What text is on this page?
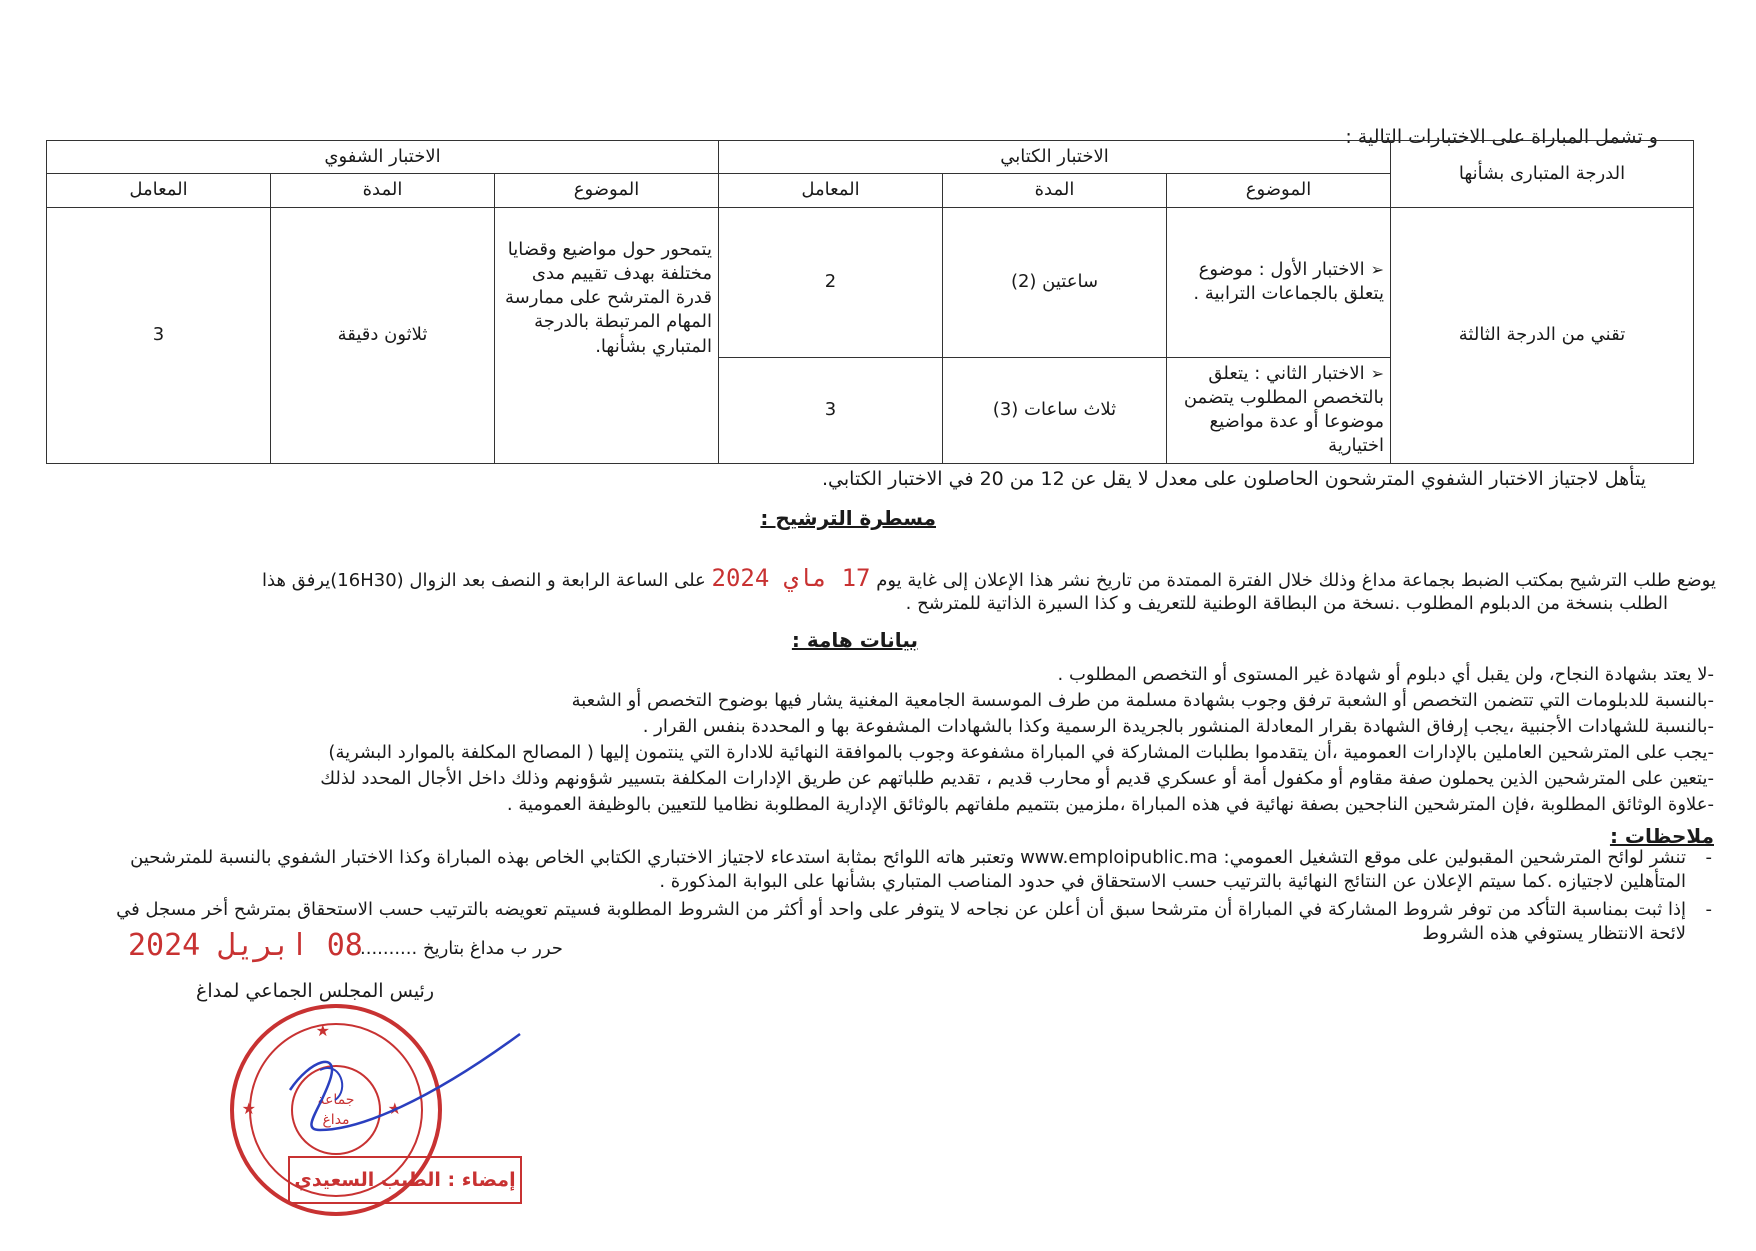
و تشمل المباراة على الاختبارات التالية :
الدرجة المتبارى بشأنها	الاختبار الكتابي			الاختبار الشفوي		
	الموضوع	المدة	المعامل	الموضوع	المدة	المعامل
تقني من الدرجة الثالثة	➢الاختبار الأول : موضوع يتعلق بالجماعات الترابية .	ساعتين (2)	2	يتمحور حول مواضيع وقضايا مختلفة بهدف تقييم مدى قدرة المترشح على ممارسة المهام المرتبطة بالدرجة المتباري بشأنها.	ثلاثون دقيقة	3
	➢الاختبار الثاني : يتعلق بالتخصص المطلوب يتضمن موضوعا أو عدة مواضيع اختيارية	ثلاث ساعات (3)	3			
يتأهل لاجتياز الاختبار الشفوي المترشحون الحاصلون على معدل لا يقل عن 12 من 20 في الاختبار الكتابي.
مسطرة الترشيح :
يوضع طلب الترشيح بمكتب الضبط بجماعة مداغ وذلك خلال الفترة الممتدة من تاريخ نشر هذا الإعلان إلى غاية يوم 17 ماي 2024 على الساعة الرابعة و النصف بعد الزوال (16H30)يرفق هذا
الطلب بنسخة من الدبلوم المطلوب .نسخة من البطاقة الوطنية للتعريف و كذا السيرة الذاتية للمترشح .
بيانات هامة :
-لا يعتد بشهادة النجاح، ولن يقبل أي دبلوم أو شهادة غير المستوى أو التخصص المطلوب .
-بالنسبة للدبلومات التي تتضمن التخصص أو الشعبة ترفق وجوب بشهادة مسلمة من طرف الموسسة الجامعية المغنية يشار فيها بوضوح التخصص أو الشعبة
-بالنسبة للشهادات الأجنبية ،يجب إرفاق الشهادة بقرار المعادلة المنشور بالجريدة الرسمية وكذا بالشهادات المشفوعة بها و المحددة بنفس القرار .
-يجب على المترشحين العاملين بالإدارات العمومية ،أن يتقدموا بطلبات المشاركة في المباراة مشفوعة وجوب بالموافقة النهائية للادارة التي ينتمون إليها ( المصالح المكلفة بالموارد البشرية)
-يتعين على المترشحين الذين يحملون صفة مقاوم أو مكفول أمة أو عسكري قديم أو محارب قديم ، تقديم طلباتهم عن طريق الإدارات المكلفة بتسيير شؤونهم وذلك داخل الأجال المحدد لذلك
-علاوة الوثائق المطلوبة ،فإن المترشحين الناجحين بصفة نهائية في هذه المباراة ،ملزمين بتتميم ملفاتهم بالوثائق الإدارية المطلوبة نظاميا للتعيين بالوظيفة العمومية .
ملاحظات :
-
تنشر لوائح المترشحين المقبولين على موقع التشغيل العمومي: www.emploipublic.ma وتعتبر هاته اللوائح بمثابة استدعاء لاجتياز الاختباري الكتابي الخاص بهذه المباراة وكذا الاختبار الشفوي بالنسبة للمترشحين المتأهلين لاجتيازه .كما سيتم الإعلان عن النتائج النهائية بالترتيب حسب الاستحقاق في حدود المناصب المتباري بشأنها على البوابة المذكورة .
-
إذا ثبت بمناسبة التأكد من توفر شروط المشاركة في المباراة أن مترشحا سبق أن أعلن عن نجاحه لا يتوفر على واحد أو أكثر من الشروط المطلوبة فسيتم تعويضه بالترتيب حسب الاستحقاق بمترشح أخر مسجل في لائحة الانتظار يستوفي هذه الشروط
حرر ب مداغ بتاريخ ..........
08 ابريل 2024
رئيس المجلس الجماعي لمداغ
جماعة
مداغ
★	★
★
إمضاء : الطيب السعيدي
